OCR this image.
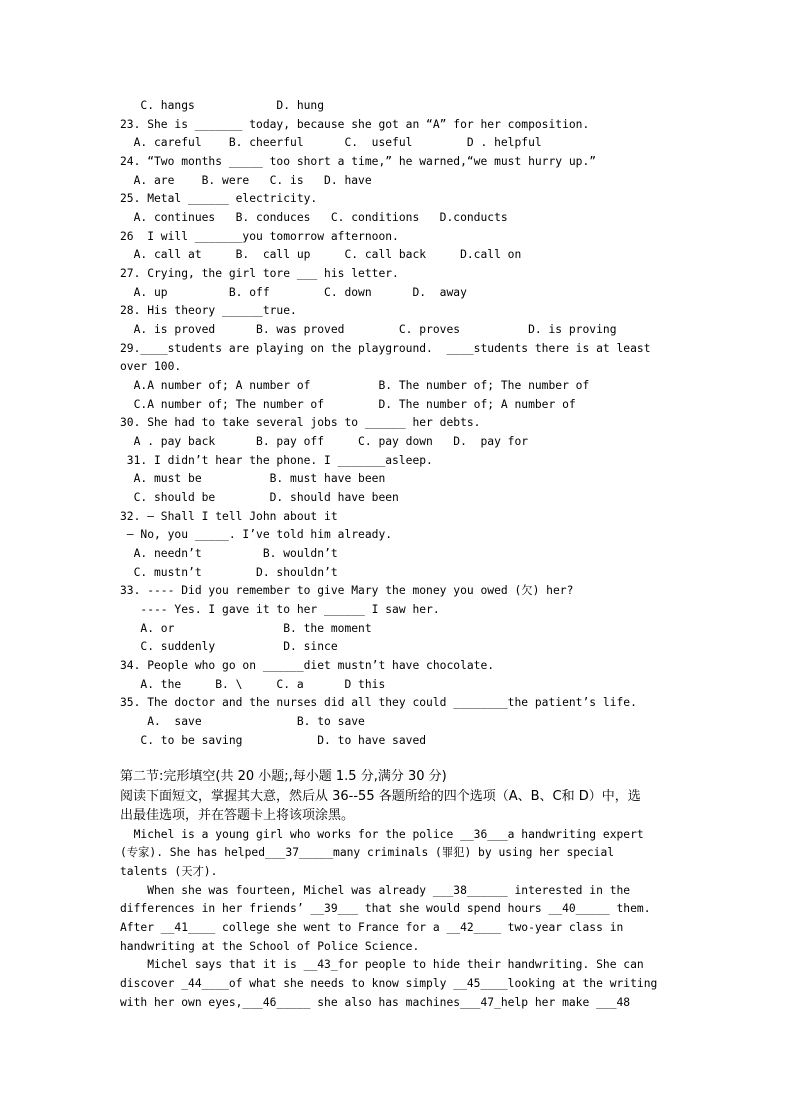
C. hangs            D. hung
23. She is _______ today, because she got an “A” for her composition.
A. careful    B. cheerful      C.  useful        D . helpful
24. “Two months _____ too short a time,” he warned,“we must hurry up.”
A. are    B. were   C. is   D. have
25. Metal ______ electricity.
A. continues   B. conduces   C. conditions   D.conducts
26  I will _______you tomorrow afternoon.
A. call at     B.  call up     C. call back     D.call on
27. Crying, the girl tore ___ his letter.
A. up         B. off        C. down      D.  away
28. His theory ______true.
A. is proved      B. was proved        C. proves          D. is proving
29.____students are playing on the playground.  ____students there is at least
over 100.
A.A number of; A number of          B. The number of; The number of
C.A number of; The number of        D. The number of; A number of
30. She had to take several jobs to ______ her debts.
A . pay back      B. pay off     C. pay down   D.  pay for
31. I didn’t hear the phone. I _______asleep.
A. must be          B. must have been
C. should be        D. should have been
32. — Shall I tell John about it
— No, you _____. I’ve told him already.
A. needn’t         B. wouldn’t
C. mustn’t        D. shouldn’t
33. ---- Did you remember to give Mary the money you owed (欠) her?
---- Yes. I gave it to her ______ I saw her.
A. or                B. the moment
C. suddenly          D. since
34. People who go on ______diet mustn’t have chocolate.
A. the     B. \     C. a      D this
35. The doctor and the nurses did all they could ________the patient’s life.
A.  save              B. to save
C. to be saving           D. to have saved
第二节:完形填空(共 20 小题;,每小题 1.5 分,满分 30 分)
阅读下面短文，掌握其大意，然后从 36--55 各题所给的四个选项（A、B、C和 D）中，选
出最佳选项，并在答题卡上将该项涂黑。
Michel is a young girl who works for the police __36___a handwriting expert
(专家). She has helped___37_____many criminals (罪犯) by using her special
talents (天才).
When she was fourteen, Michel was already ___38______ interested in the
differences in her friends’ __39___ that she would spend hours __40_____ them.
After __41____ college she went to France for a __42____ two-year class in
handwriting at the School of Police Science.
Michel says that it is __43_for people to hide their handwriting. She can
discover _44____of what she needs to know simply __45____looking at the writing
with her own eyes,___46_____ she also has machines___47_help her make ___48
